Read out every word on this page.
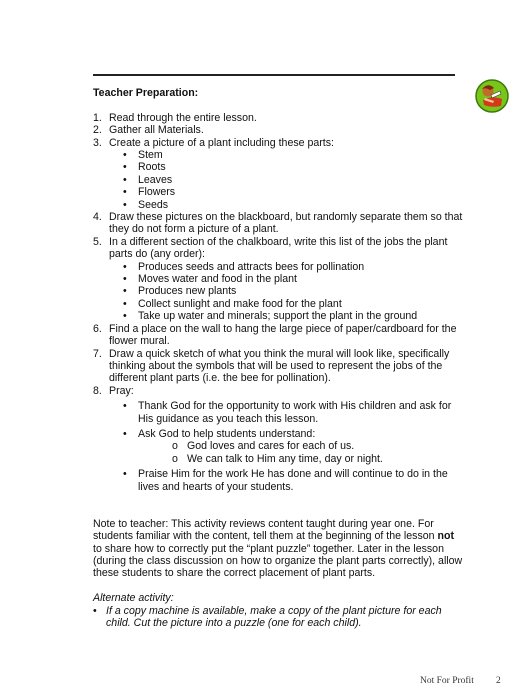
Teacher Preparation:
1. Read through the entire lesson.
2. Gather all Materials.
3. Create a picture of a plant including these parts:
• Stem
• Roots
• Leaves
• Flowers
• Seeds
4. Draw these pictures on the blackboard, but randomly separate them so that they do not form a picture of a plant.
5. In a different section of the chalkboard, write this list of the jobs the plant parts do (any order):
• Produces seeds and attracts bees for pollination
• Moves water and food in the plant
• Produces new plants
• Collect sunlight and make food for the plant
• Take up water and minerals; support the plant in the ground
6. Find a place on the wall to hang the large piece of paper/cardboard for the flower mural.
7. Draw a quick sketch of what you think the mural will look like, specifically thinking about the symbols that will be used to represent the jobs of the different plant parts (i.e. the bee for pollination).
8. Pray:
• Thank God for the opportunity to work with His children and ask for His guidance as you teach this lesson.
• Ask God to help students understand:
o God loves and cares for each of us.
o We can talk to Him any time, day or night.
• Praise Him for the work He has done and will continue to do in the lives and hearts of your students.

Note to teacher: This activity reviews content taught during year one. For students familiar with the content, tell them at the beginning of the lesson not to share how to correctly put the “plant puzzle” together. Later in the lesson (during the class discussion on how to organize the plant parts correctly), allow these students to share the correct placement of plant parts.

Alternate activity:
• If a copy machine is available, make a copy of the plant picture for each child. Cut the picture into a puzzle (one for each child).
Not For Profit 2
